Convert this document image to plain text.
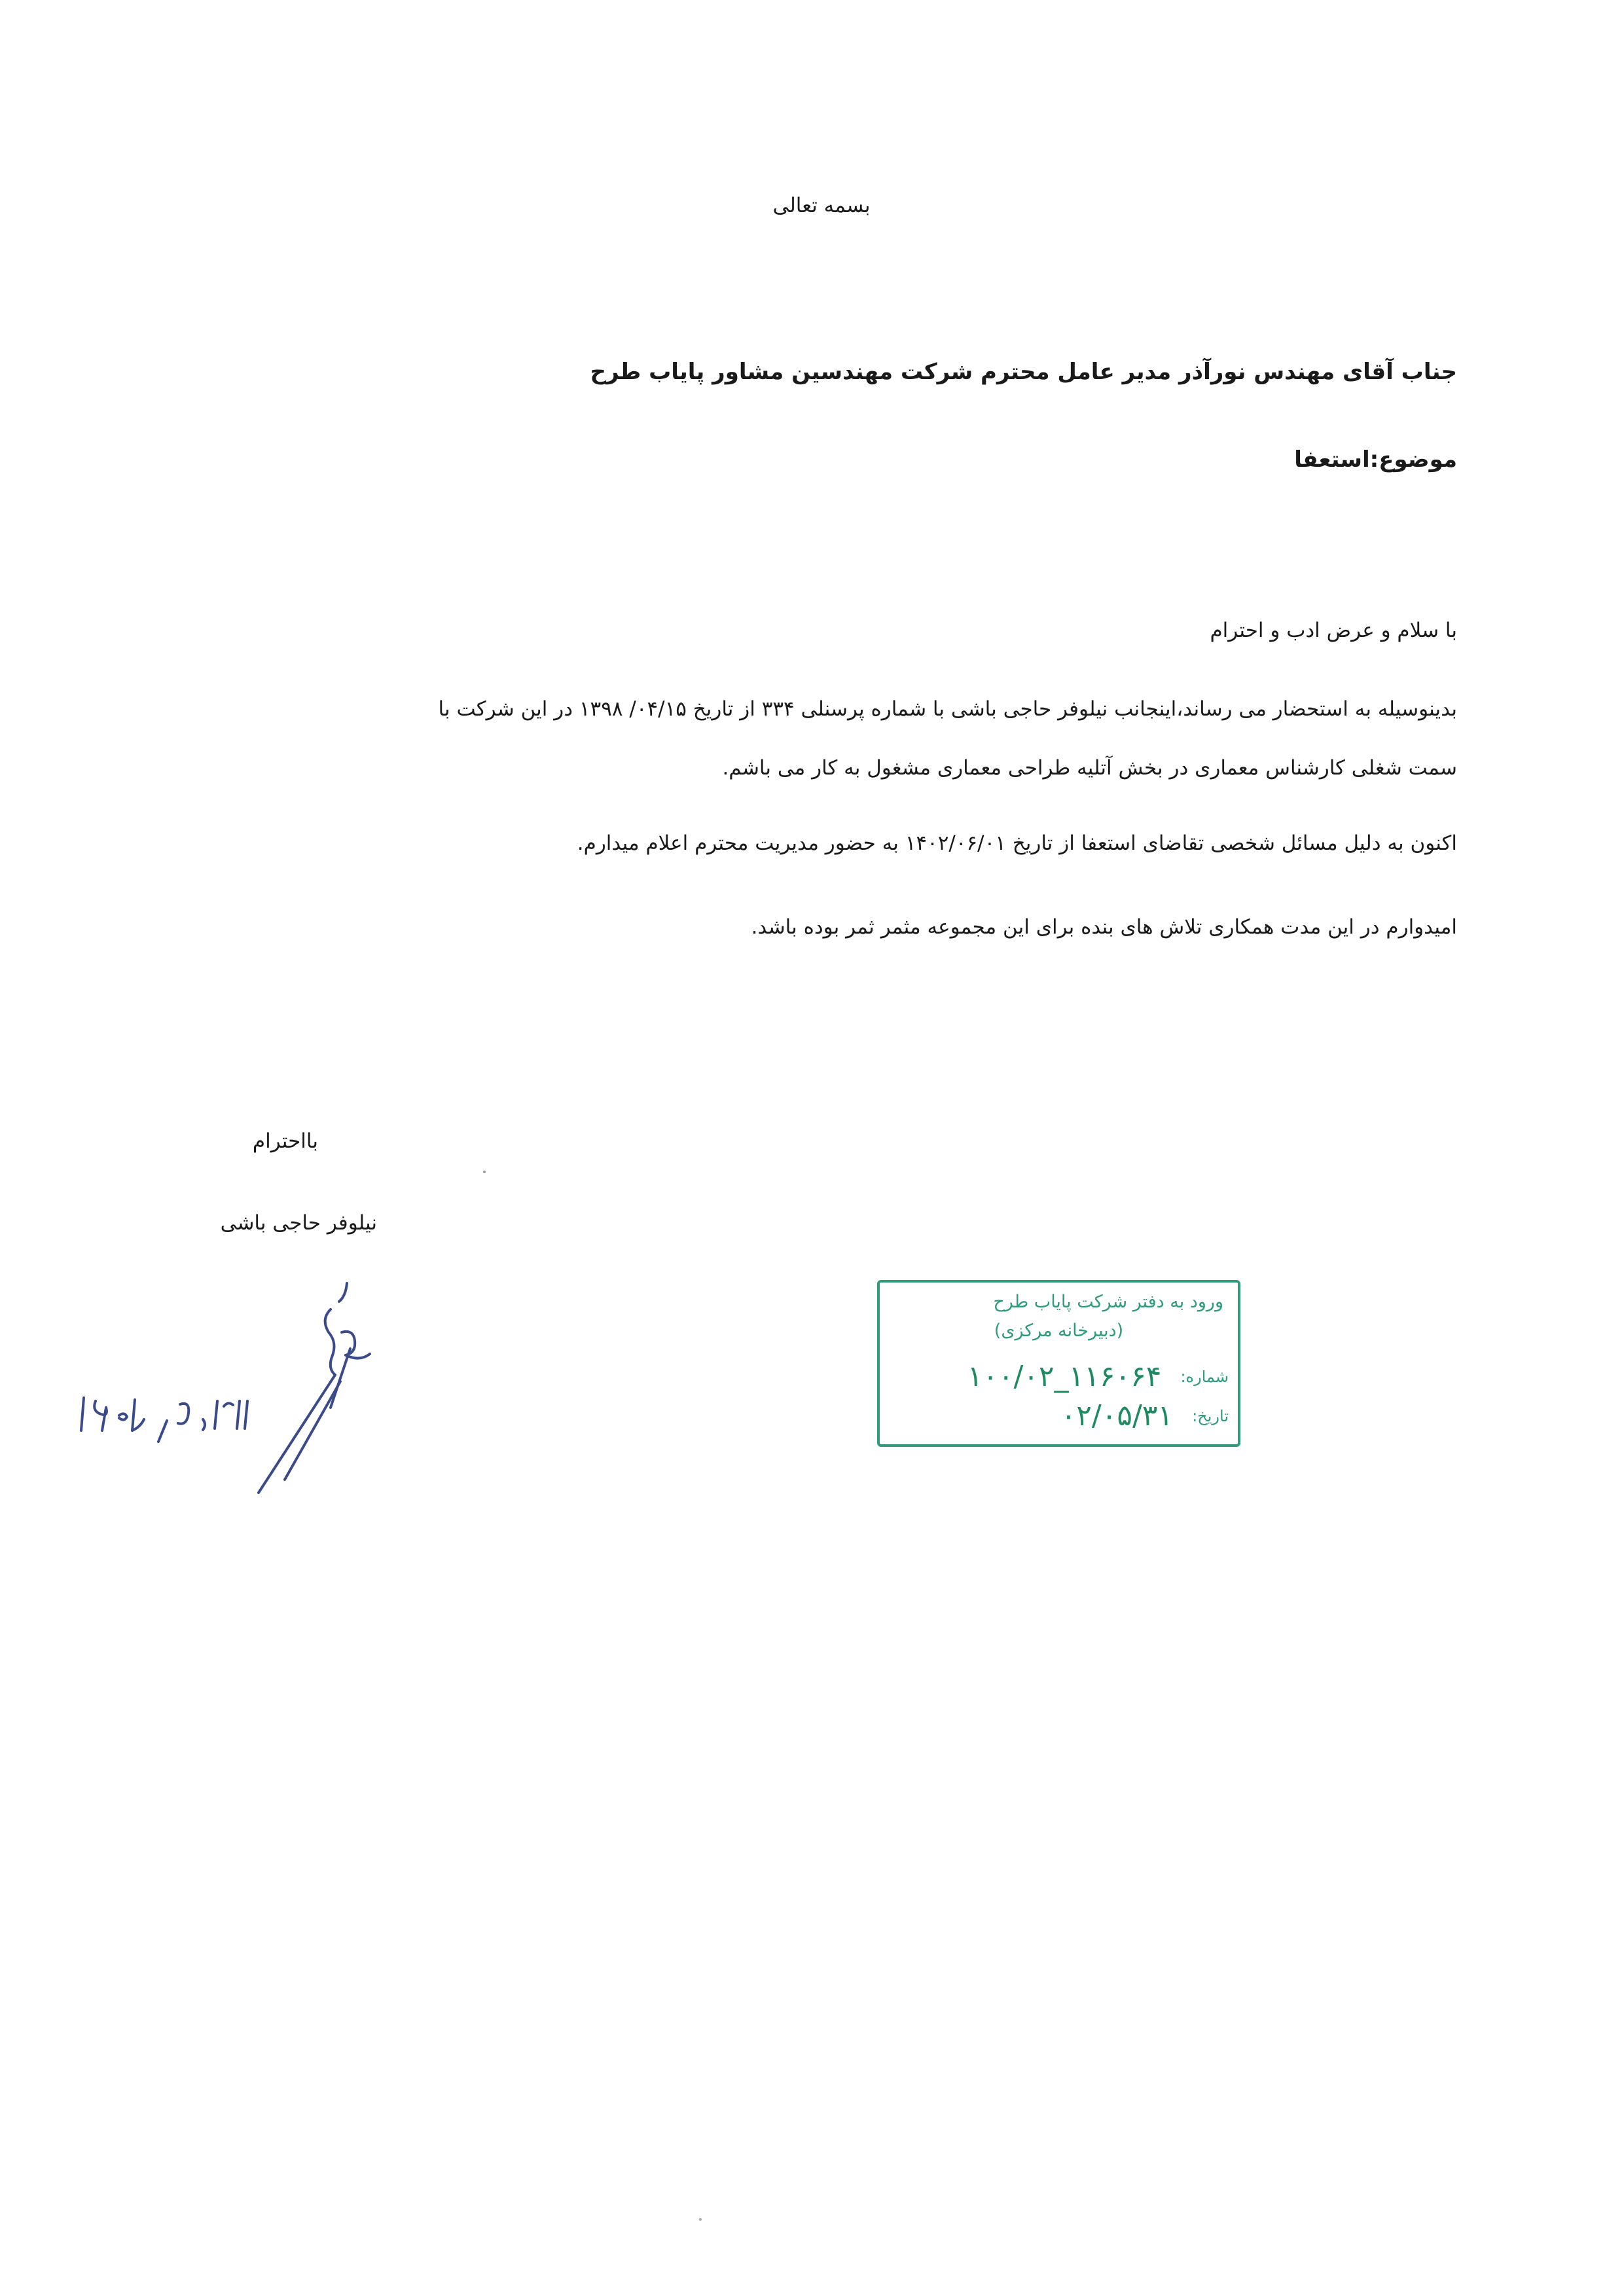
بسمه تعالی
جناب آقای مهندس نورآذر مدیر عامل محترم شرکت مهندسین مشاور پایاب طرح
موضوع:استعفا
با سلام و عرض ادب و احترام
بدینوسیله به استحضار می رساند،اینجانب نیلوفر حاجی باشی با شماره پرسنلی ۳۳۴ از تاریخ ۰۴/۱۵/ ۱۳۹۸ در این شرکت با
سمت شغلی کارشناس معماری در بخش آتلیه طراحی معماری مشغول به کار می باشم.
اکنون به دلیل مسائل شخصی تقاضای استعفا از تاریخ ۱۴۰۲/۰۶/۰۱ به حضور مدیریت محترم اعلام میدارم.
امیدوارم در این مدت همکاری تلاش های بنده برای این مجموعه مثمر ثمر بوده باشد.
بااحترام
نیلوفر حاجی باشی
ورود به دفتر شرکت پایاب طرح
(دبیرخانه مرکزی)
شماره: ۱۰۰/۰۲_۱۱۶۰۶۴
تاریخ: ۰۲/۰۵/۳۱
